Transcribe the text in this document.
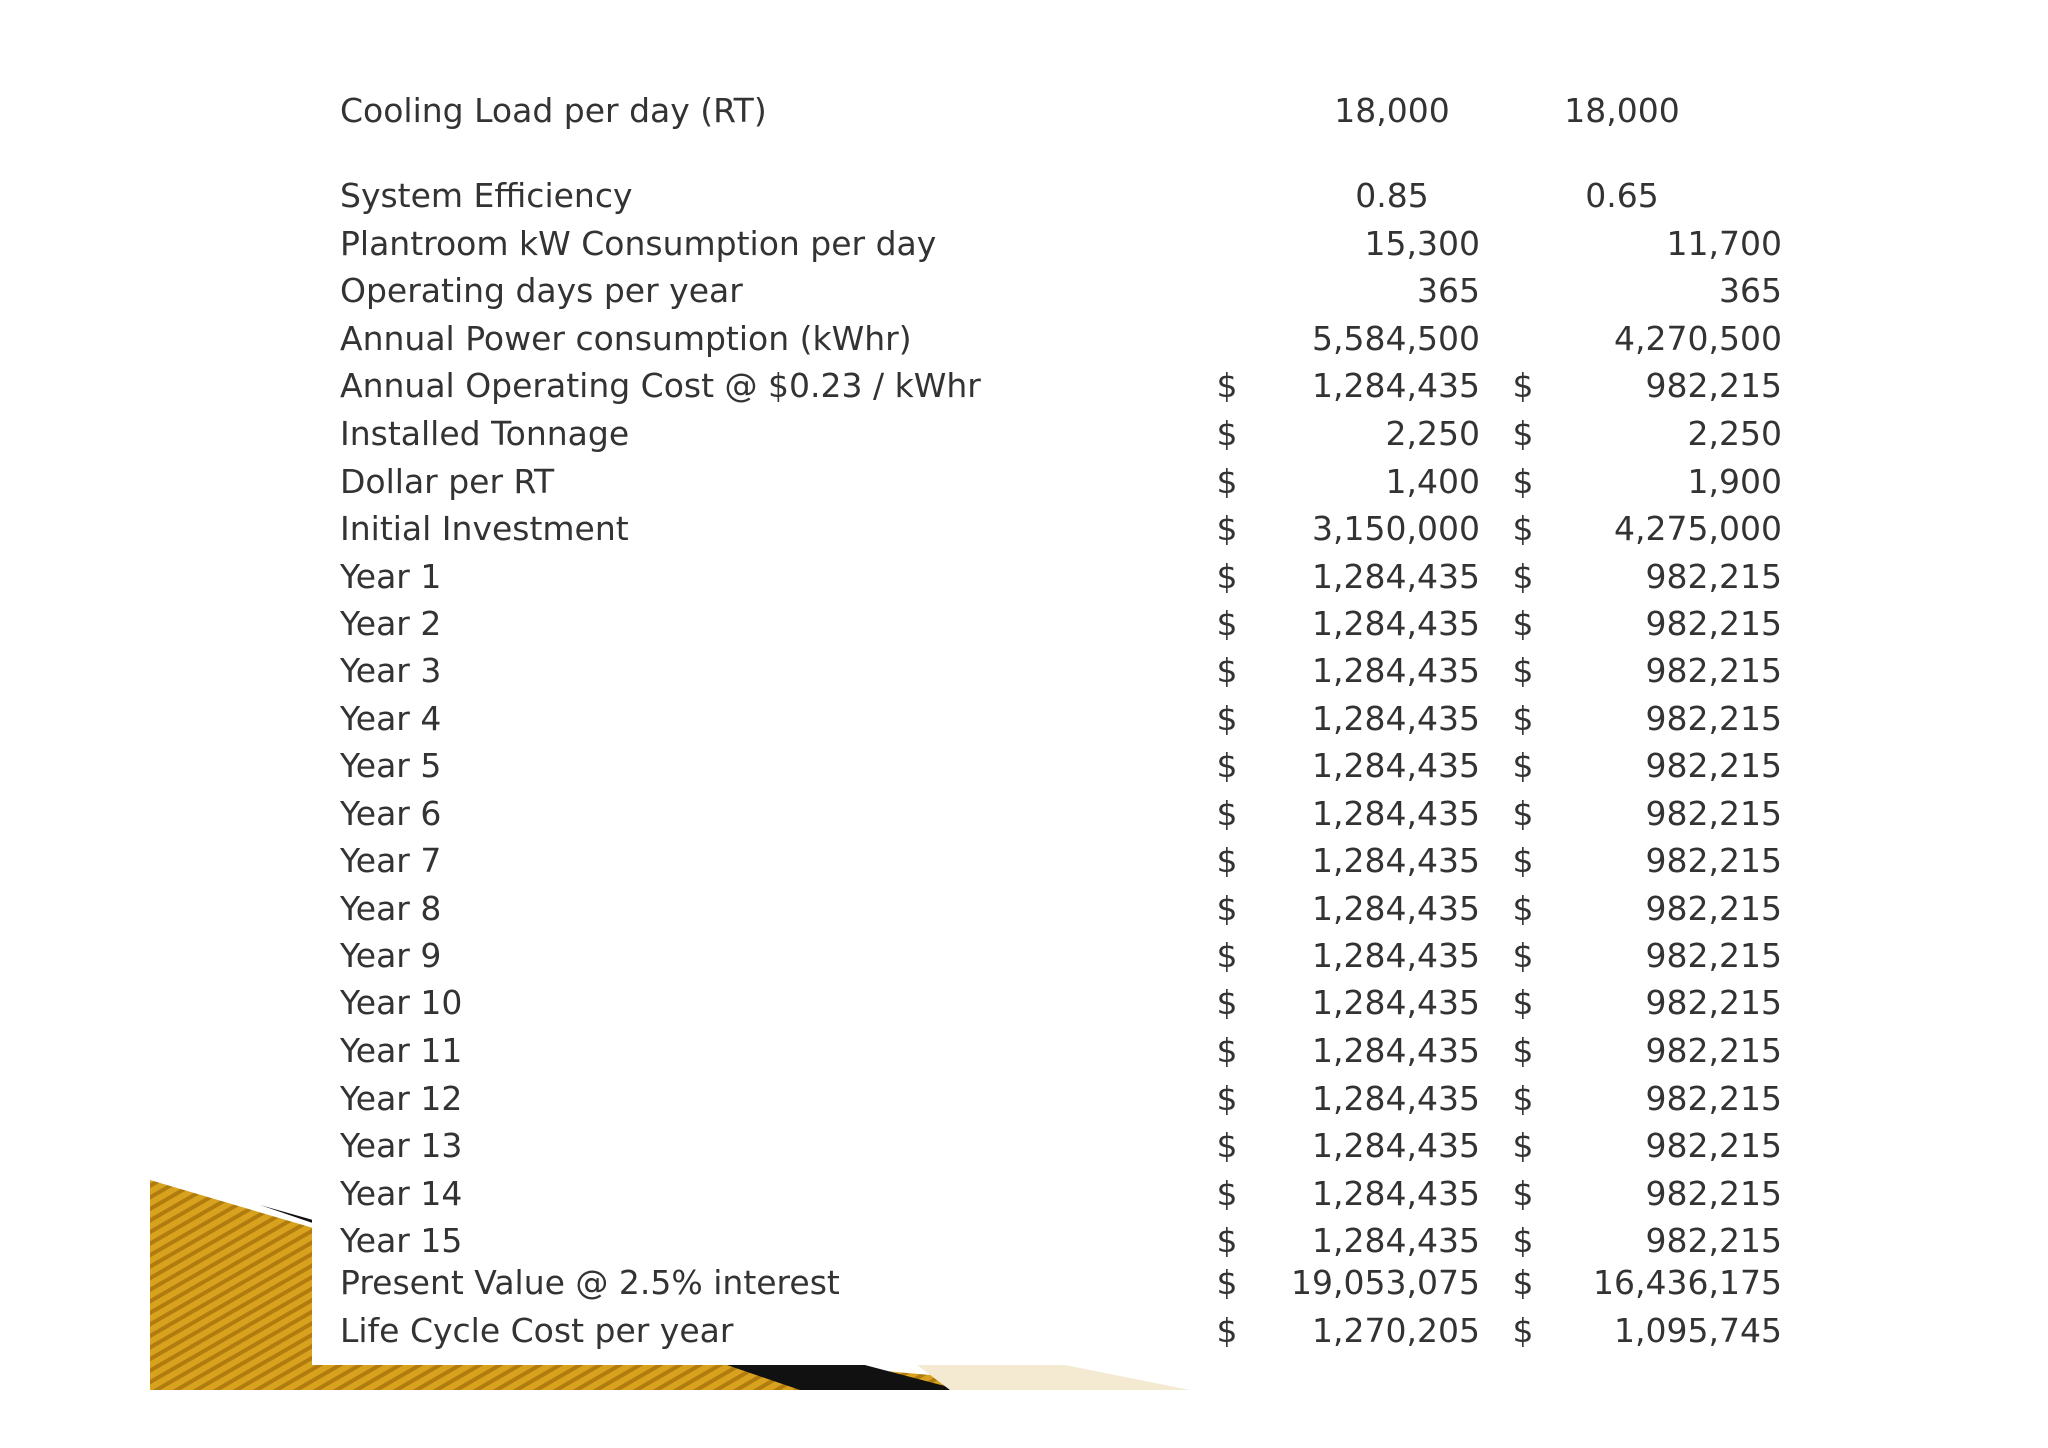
Cooling Load per day (RT)	18,000	18,000
System Efficiency	0.85	0.65
Plantroom kW Consumption per day	15,300	11,700
Operating days per year	365	365
Annual Power consumption (kWhr)	5,584,500	4,270,500
Annual Operating Cost @ $0.23 / kWhr	$	1,284,435 $	982,215
Installed Tonnage	$	2,250 $	2,250
Dollar per RT	$	1,400 $	1,900
Initial Investment	$	3,150,000 $	4,275,000
Year 1	$	1,284,435 $	982,215
Year 2	$	1,284,435 $	982,215
Year 3	$	1,284,435 $	982,215
Year 4	$	1,284,435 $	982,215
Year 5	$	1,284,435 $	982,215
Year 6	$	1,284,435 $	982,215
Year 7	$	1,284,435 $	982,215
Year 8	$	1,284,435 $	982,215
Year 9	$	1,284,435 $	982,215
Year 10	$	1,284,435 $	982,215
Year 11	$	1,284,435 $	982,215
Year 12	$	1,284,435 $	982,215
Year 13	$	1,284,435 $	982,215
Year 14	$	1,284,435 $	982,215
Year 15	$	1,284,435 $	982,215
Present Value @ 2.5% interest	$	19,053,075 $	16,436,175
Life Cycle Cost per year	$	1,270,205 $	1,095,745
